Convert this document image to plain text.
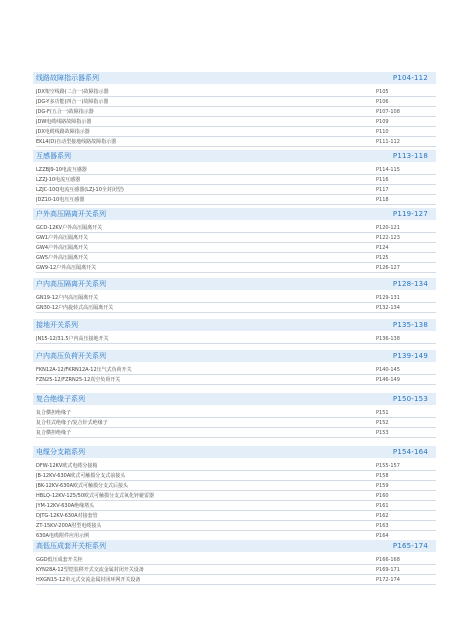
线路故障指示器系列	P104-112
JDX架空线路(二合一)故障指示器	P105
JDG-Y多功能(四合一)故障指示器	P106
JDG-F(五合一)故障指示器	P107-108
JDW电缆线路故障指示器	P109
JDX电缆线路故障指示器	P110
EKL4(D)自动型接地线路故障指示器	P111-112
互感器系列	P113-118
LZZBJ9-10电流互感器	P114-115
LZZJ-10电流互感器	P116
LZJC-10Q电流互感器(LZJ-10全封闭型)	P117
JDZ10-10电压互感器	P118
户外高压隔离开关系列	P119-127
GCD-12KV户外高压隔离开关	P120-121
GW1户外高压隔离开关	P122-123
GW4户外高压隔离开关	P124
GW5户外高压隔离开关	P125
GW9-12户外高压隔离开关	P126-127
户内高压隔离开关系列	P128-134
GN19-12户内高压隔离开关	P129-131
GN30-12户内旋转式高压隔离开关	P132-134
接地开关系列	P135-138
JN15-12/31.5户内高压接地开关	P136-138
户内高压负荷开关系列	P139-149
FKN12A-12/FKRN12A-12压气式负荷开关	P140-145
FZN25-12/FZRN25-12真空负荷开关	P146-149
复合绝缘子系列	P150-153
复合横担绝缘子	P151
复合柱式绝缘子/复合针式绝缘子	P152
复合横担绝缘子	P153
电缆分支箱系列	P154-164
DFW-12KV欧式电缆分接箱	P155-157
JB-12KV-630A欧式可触摸分支式前接头	P158
JBK-12KV-630A欧式可触摸分支式后接头	P159
HBLQ-12KV-125/50欧式可触摸分支式氧化锌避雷器	P160
JYM-12KV-630A绝缘堵头	P161
DJTG-12KV-630A对接套管	P162
ZT-15KV-200A肘型电缆接头	P163
630A电缆附件应用示例	P164
高低压成套开关柜系列	P165-174
GGD低压成套开关柜	P166-168
KYN28A-12型铠装移开式交流金属封闭开关设备	P169-171
HXGN15-12单元式交流金属封闭环网开关设备	P172-174
